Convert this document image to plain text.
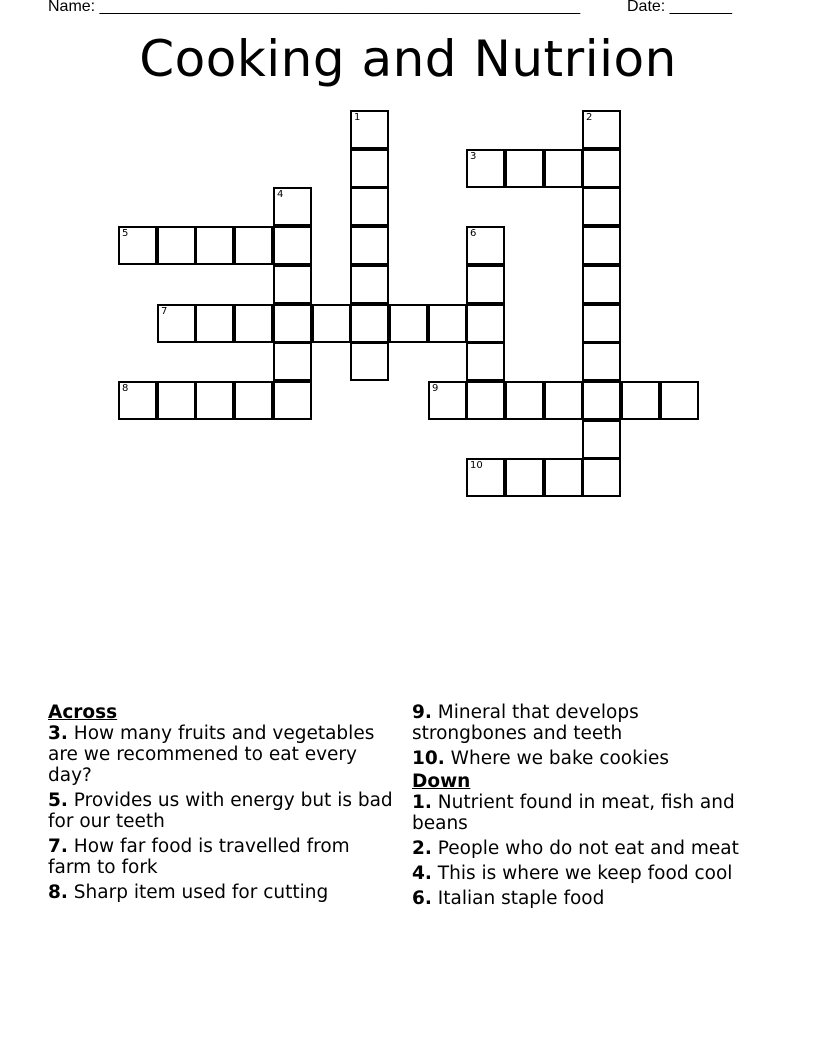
Name: ______________________________________________________	Date: _______
Cooking and Nutriion
1	2
3
4
5	6
7
8	9
10
Across
3. How many fruits and vegetables are we recommened to eat every day?
5. Provides us with energy but is bad for our teeth
7. How far food is travelled from farm to fork
8. Sharp item used for cutting
9. Mineral that develops strongbones and teeth
10. Where we bake cookies
Down
1. Nutrient found in meat, fish and beans
2. People who do not eat and meat
4. This is where we keep food cool
6. Italian staple food
